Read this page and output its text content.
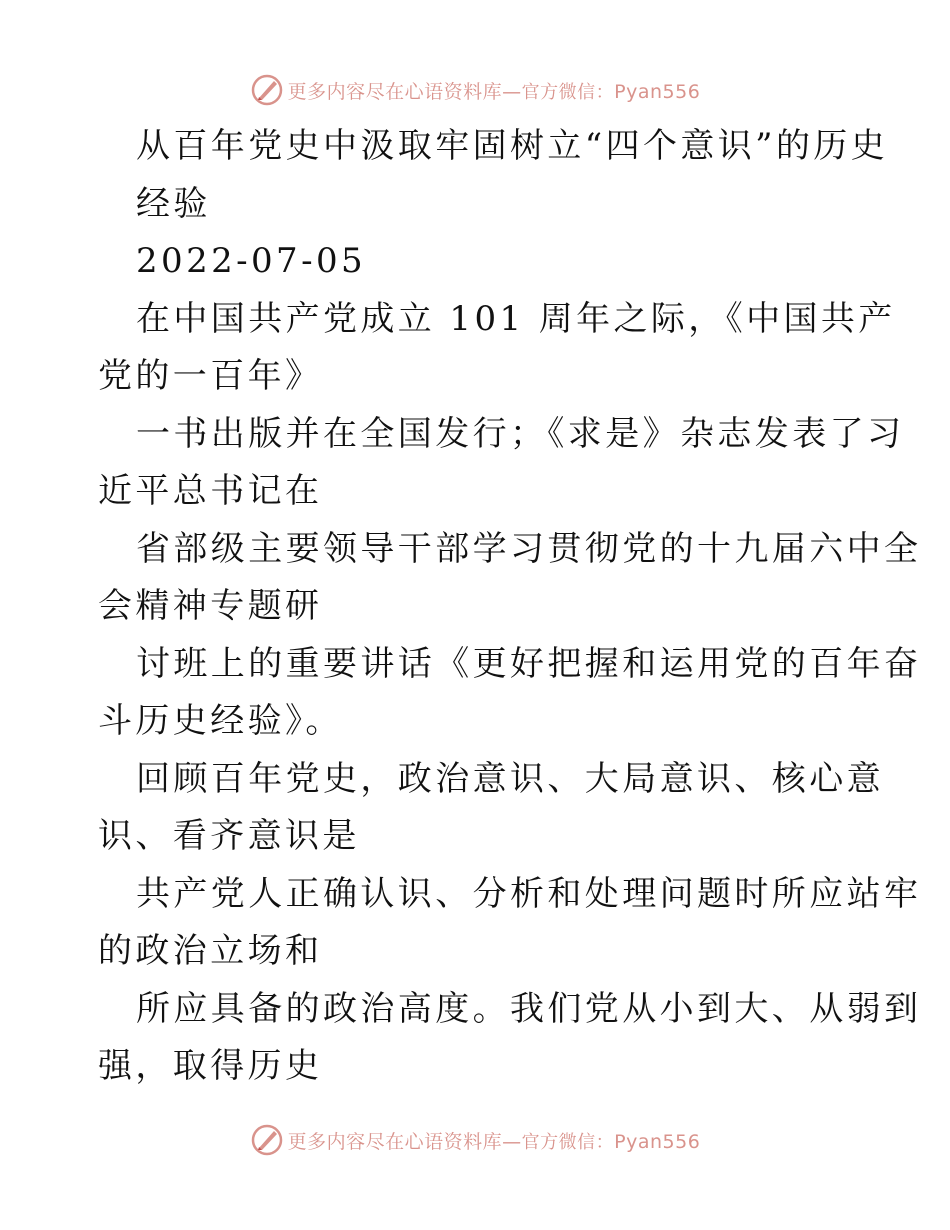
更多内容尽在心语资料库—官方微信：Pyan556
从百年党史中汲取牢固树立“四个意识”的历史
经验
2022-07-05
在中国共产党成立 101 周年之际，《中国共产
党的一百年》
一书出版并在全国发行；《求是》杂志发表了习
近平总书记在
省部级主要领导干部学习贯彻党的十九届六中全
会精神专题研
讨班上的重要讲话《更好把握和运用党的百年奋
斗历史经验》。
回顾百年党史，政治意识、大局意识、核心意
识、看齐意识是
共产党人正确认识、分析和处理问题时所应站牢
的政治立场和
所应具备的政治高度。我们党从小到大、从弱到
强，取得历史
更多内容尽在心语资料库—官方微信：Pyan556
